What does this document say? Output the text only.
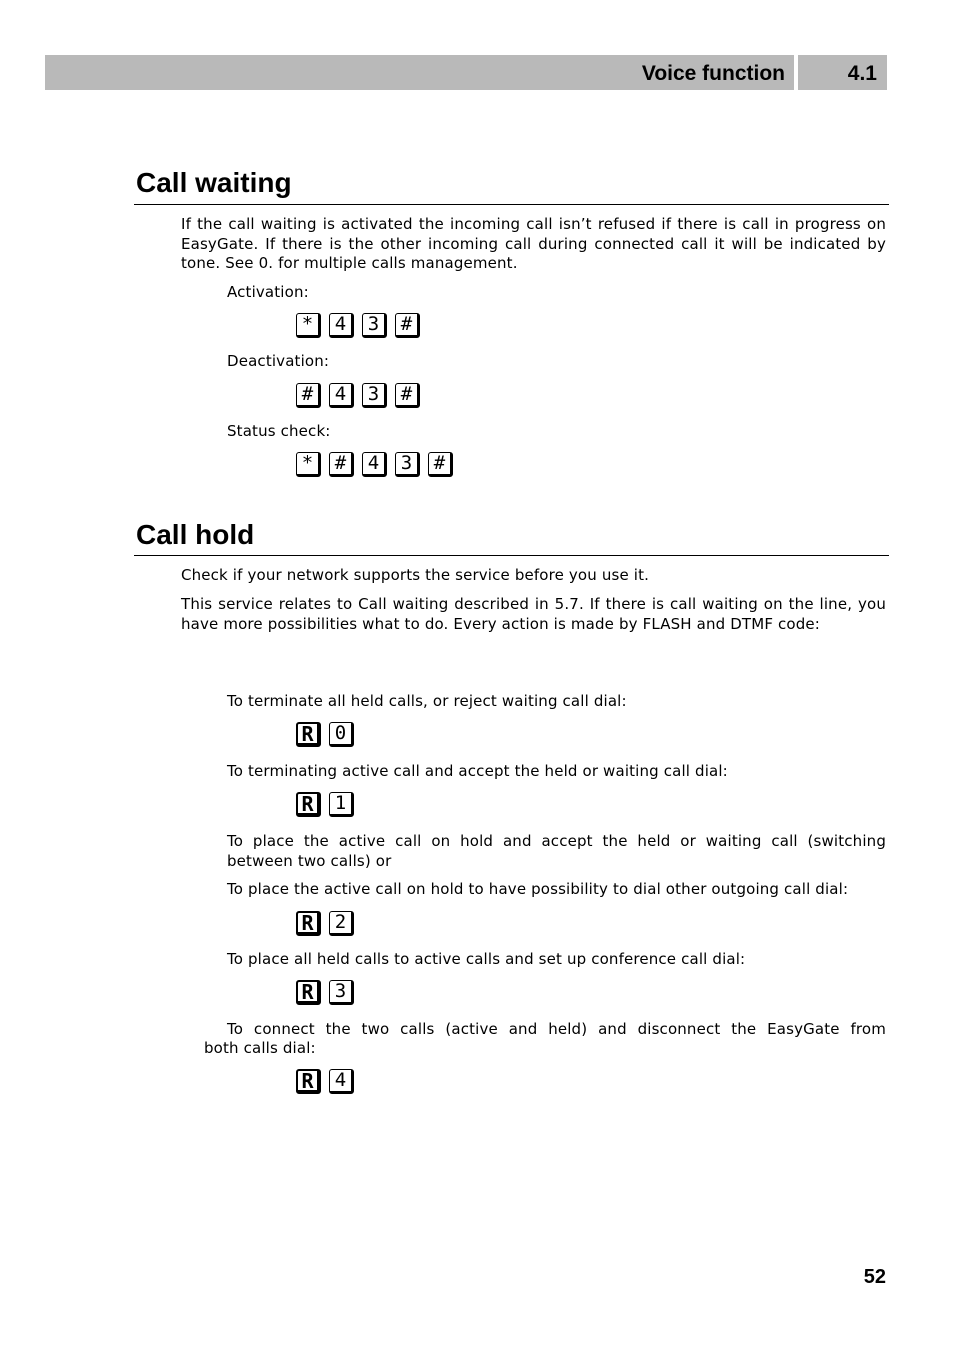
Voice function	4.1
Call waiting
If the call waiting is activated the incoming call isn’t refused if there is call in progress on EasyGate. If there is the other incoming call during connected call it will be indicated by tone. See 0. for multiple calls management.
Activation:
*	4	3	#
Deactivation:
#	4	3	#
Status check:
*	#	4	3	#
Call hold
Check if your network supports the service before you use it.
This service relates to Call waiting described in 5.7. If there is call waiting on the line, you have more possibilities what to do. Every action is made by FLASH and DTMF code:
To terminate all held calls, or reject waiting call dial:
R	0
To terminating active call and accept the held or waiting call dial:
R	1
To place the active call on hold and accept the held or waiting call (switching between two calls) or
To place the active call on hold to have possibility to dial other outgoing call dial:
R	2
To place all held calls to active calls and set up conference call dial:
R	3
To connect the two calls (active and held) and disconnect the EasyGate from
both calls dial:
R	4
52
